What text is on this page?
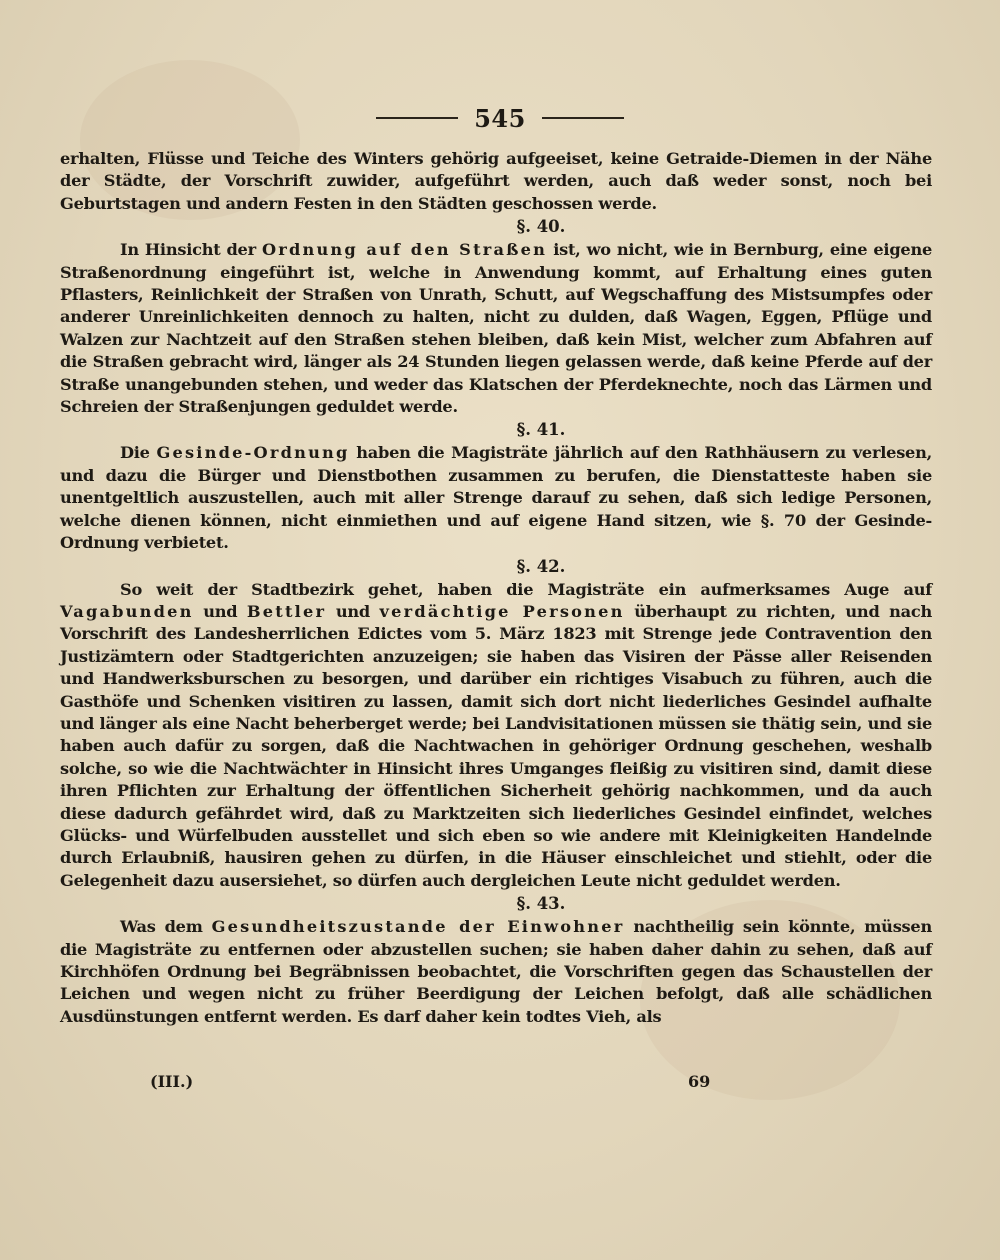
545

erhalten, Flüsse und Teiche des Winters gehörig aufgeeiset, keine Getraide-Diemen in der Nähe der Städte, der Vorschrift zuwider, aufgeführt werden, auch daß weder sonst, noch bei Geburtstagen und andern Festen in den Städten geschossen werde.

§. 40.

In Hinsicht der Ordnung auf den Straßen ist, wo nicht, wie in Bernburg, eine eigene Straßenordnung eingeführt ist, welche in Anwendung kommt, auf Erhaltung eines guten Pflasters, Reinlichkeit der Straßen von Unrath, Schutt, auf Wegschaffung des Mistsumpfes oder anderer Unreinlichkeiten dennoch zu halten, nicht zu dulden, daß Wagen, Eggen, Pflüge und Walzen zur Nachtzeit auf den Straßen stehen bleiben, daß kein Mist, welcher zum Abfahren auf die Straßen gebracht wird, länger als 24 Stunden liegen gelassen werde, daß keine Pferde auf der Straße unangebunden stehen, und weder das Klatschen der Pferdeknechte, noch das Lärmen und Schreien der Straßenjungen geduldet werde.

§. 41.

Die Gesinde-Ordnung haben die Magisträte jährlich auf den Rathhäusern zu verlesen, und dazu die Bürger und Dienstbothen zusammen zu berufen, die Dienstatteste haben sie unentgeltlich auszustellen, auch mit aller Strenge darauf zu sehen, daß sich ledige Personen, welche dienen können, nicht einmiethen und auf eigene Hand sitzen, wie §. 70 der Gesinde-Ordnung verbietet.

§. 42.

So weit der Stadtbezirk gehet, haben die Magisträte ein aufmerksames Auge auf Vagabunden und Bettler und verdächtige Personen überhaupt zu richten, und nach Vorschrift des Landesherrlichen Edictes vom 5. März 1823 mit Strenge jede Contravention den Justizämtern oder Stadtgerichten anzuzeigen; sie haben das Visiren der Pässe aller Reisenden und Handwerksburschen zu besorgen, und darüber ein richtiges Visabuch zu führen, auch die Gasthöfe und Schenken visitiren zu lassen, damit sich dort nicht liederliches Gesindel aufhalte und länger als eine Nacht beherberget werde; bei Landvisitationen müssen sie thätig sein, und sie haben auch dafür zu sorgen, daß die Nachtwachen in gehöriger Ordnung geschehen, weshalb solche, so wie die Nachtwächter in Hinsicht ihres Umganges fleißig zu visitiren sind, damit diese ihren Pflichten zur Erhaltung der öffentlichen Sicherheit gehörig nachkommen, und da auch diese dadurch gefährdet wird, daß zu Marktzeiten sich liederliches Gesindel einfindet, welches Glücks- und Würfelbuden ausstellet und sich eben so wie andere mit Kleinigkeiten Handelnde durch Erlaubniß, hausiren gehen zu dürfen, in die Häuser einschleichet und stiehlt, oder die Gelegenheit dazu ausersiehet, so dürfen auch dergleichen Leute nicht geduldet werden.

§. 43.

Was dem Gesundheitszustande der Einwohner nachtheilig sein könnte, müssen die Magisträte zu entfernen oder abzustellen suchen; sie haben daher dahin zu sehen, daß auf Kirchhöfen Ordnung bei Begräbnissen beobachtet, die Vorschriften gegen das Schaustellen der Leichen und wegen nicht zu früher Beerdigung der Leichen befolgt, daß alle schädlichen Ausdünstungen entfernt werden. Es darf daher kein todtes Vieh, als

(III.)	69
